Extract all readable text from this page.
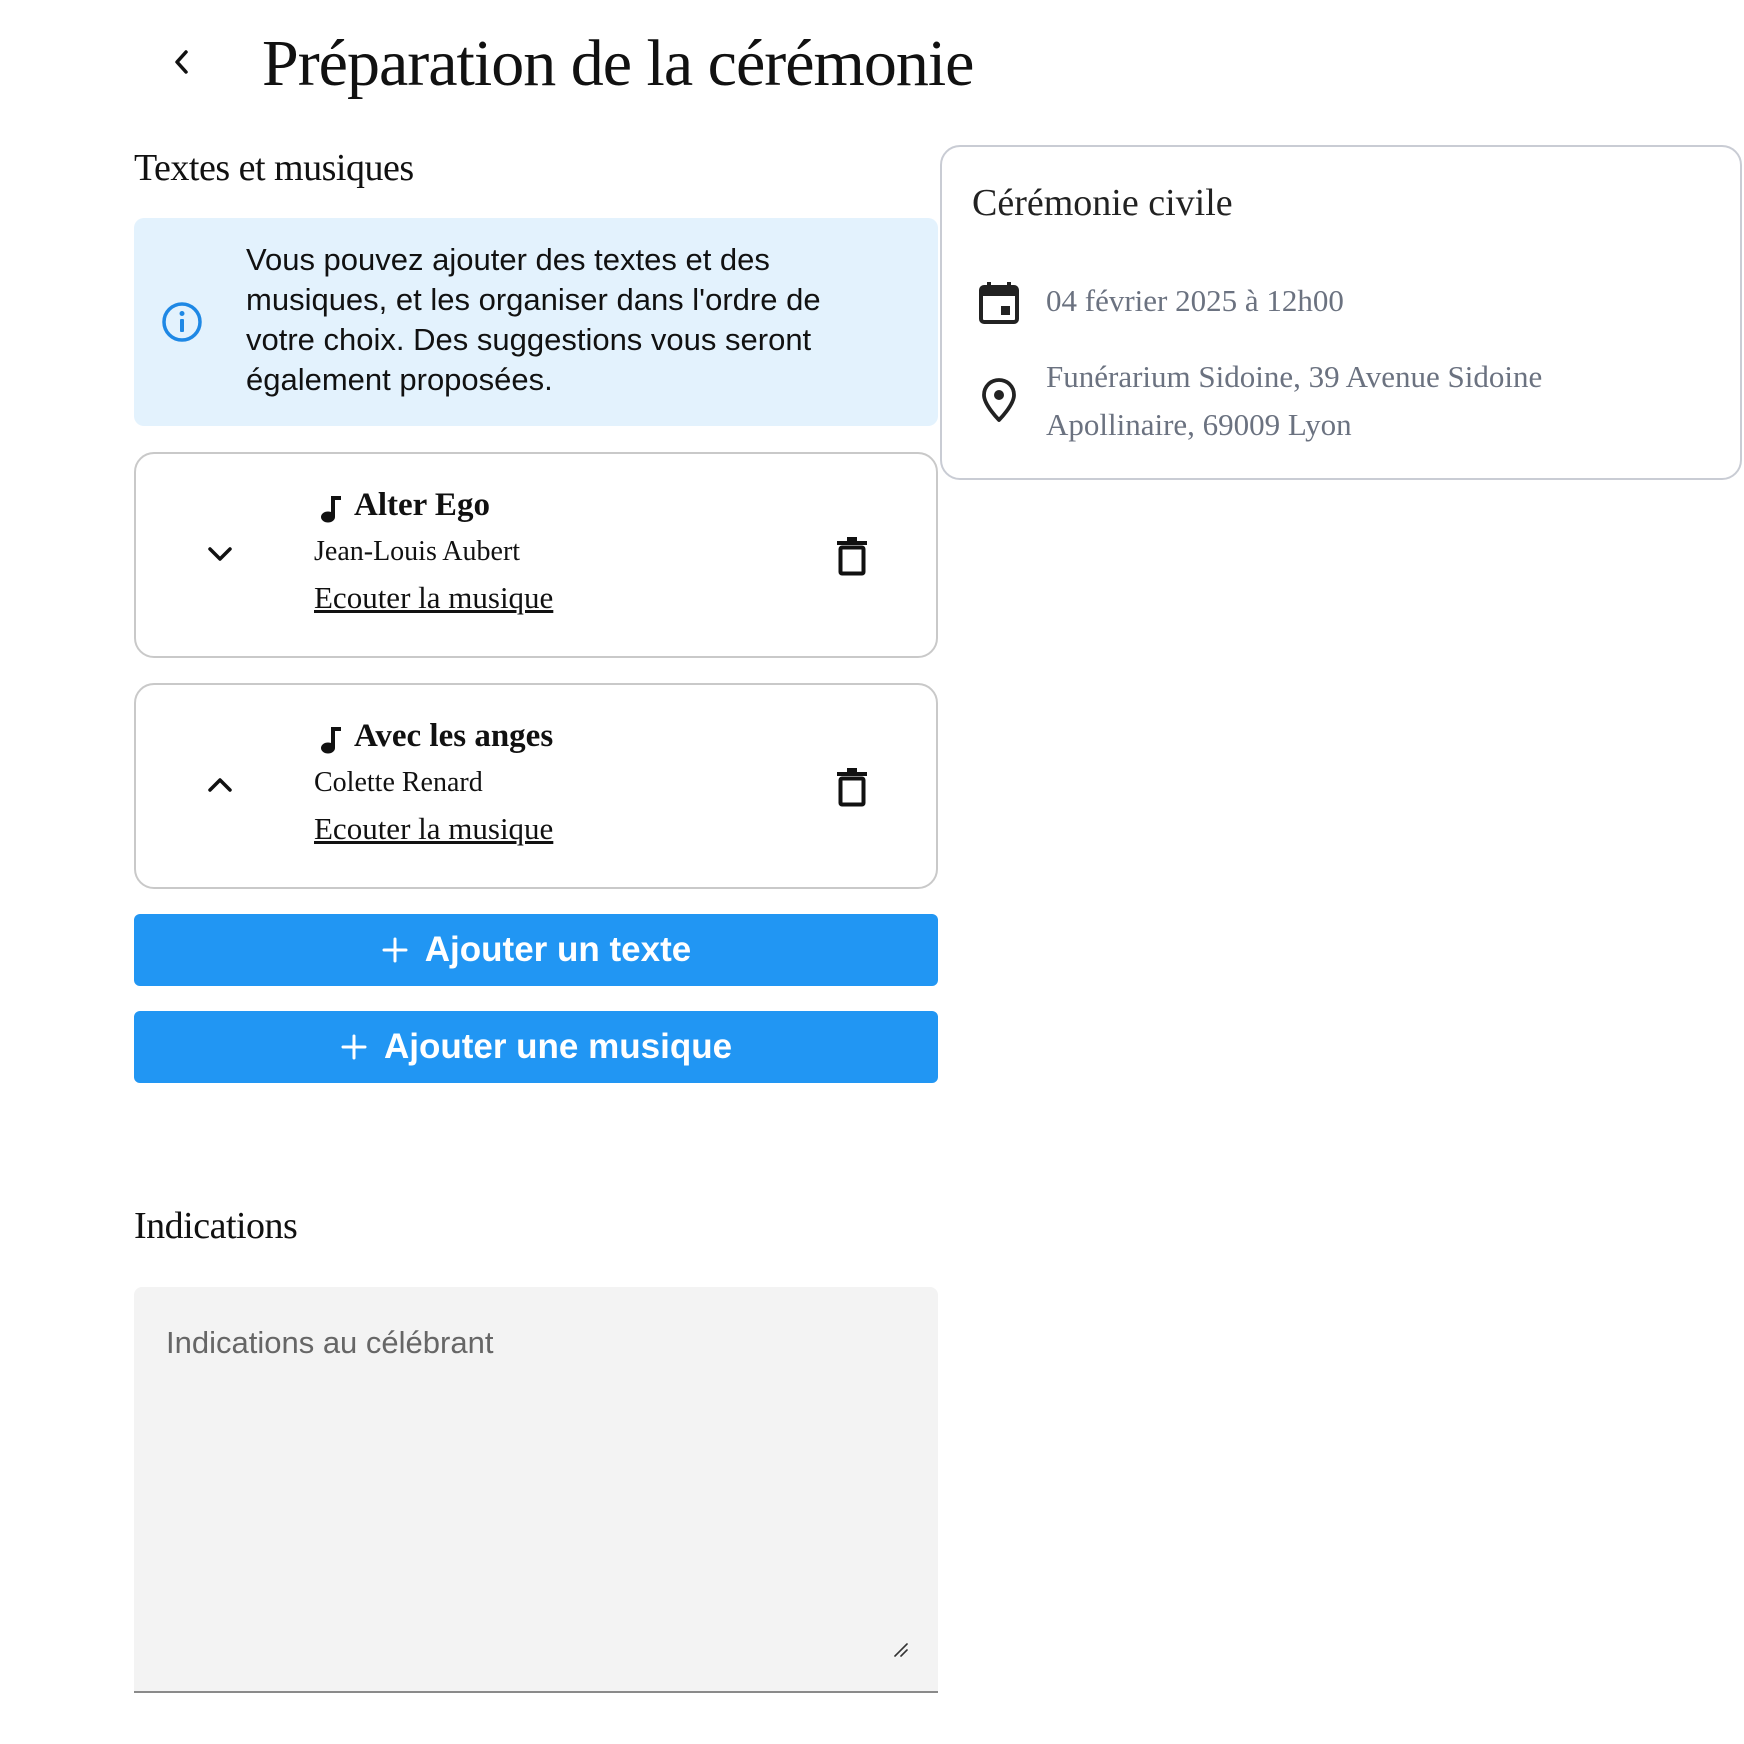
Préparation de la cérémonie
Textes et musiques
Vous pouvez ajouter des textes et des musiques, et les organiser dans l'ordre de votre choix. Des suggestions vous seront également proposées.
Alter Ego
Jean-Louis Aubert
Ecouter la musique
Avec les anges
Colette Renard
Ecouter la musique
Ajouter un texte
Ajouter une musique
Indications
Indications au célébrant
Cérémonie civile
04 février 2025 à 12h00
Funérarium Sidoine, 39 Avenue Sidoine Apollinaire, 69009 Lyon
